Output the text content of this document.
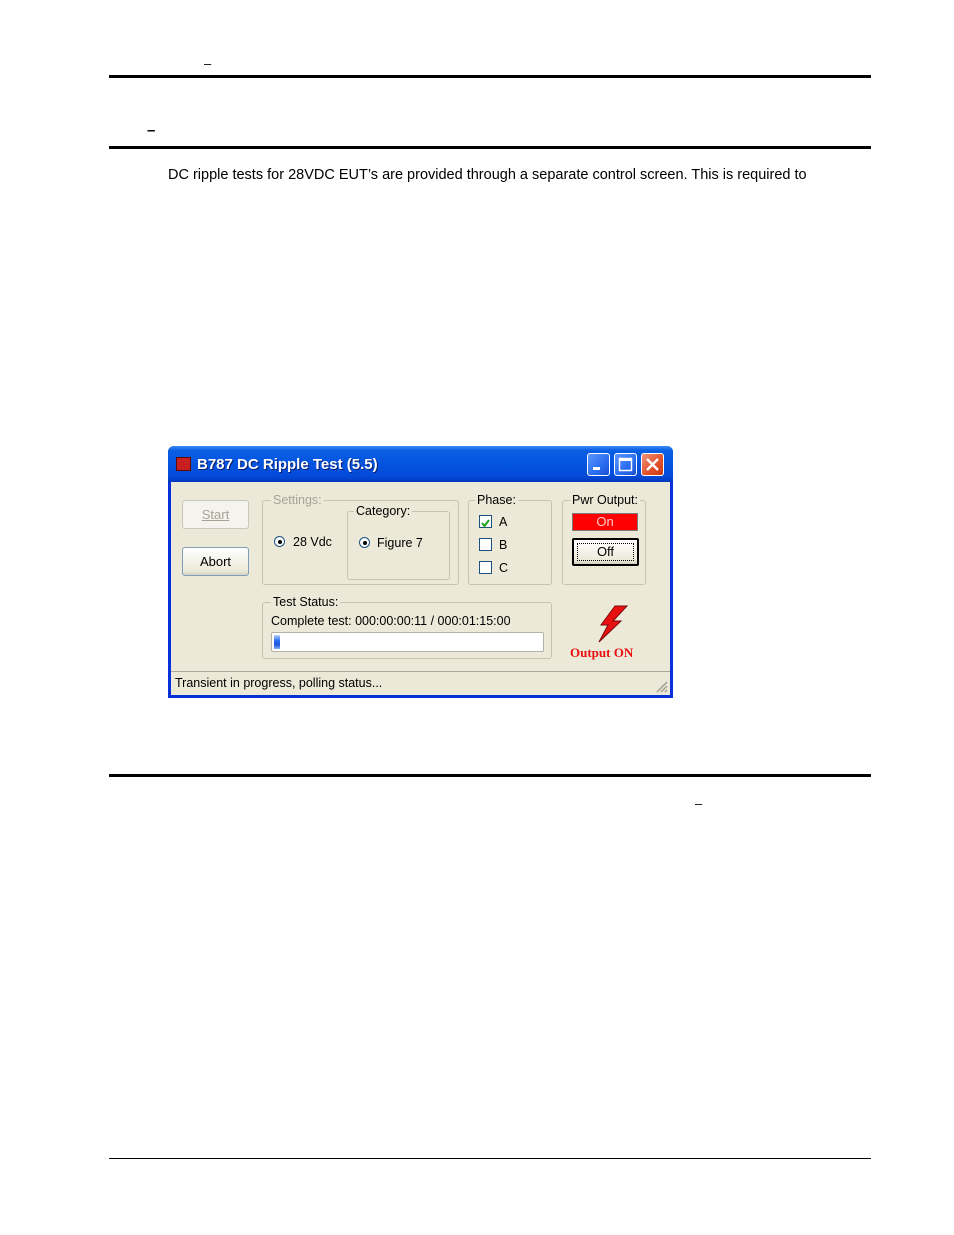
–
–
DC ripple tests for 28VDC EUT’s are provided through a separate control screen. This is required to
B787 DC Ripple Test (5.5)
Start
Abort
Settings:
28 Vdc
Category:
Figure 7
Phase:
A
B
C
Pwr Output:
On
Off
Test Status:
Complete test: 000:00:00:11 / 000:01:15:00
Output ON
Transient in progress, polling status...
–
